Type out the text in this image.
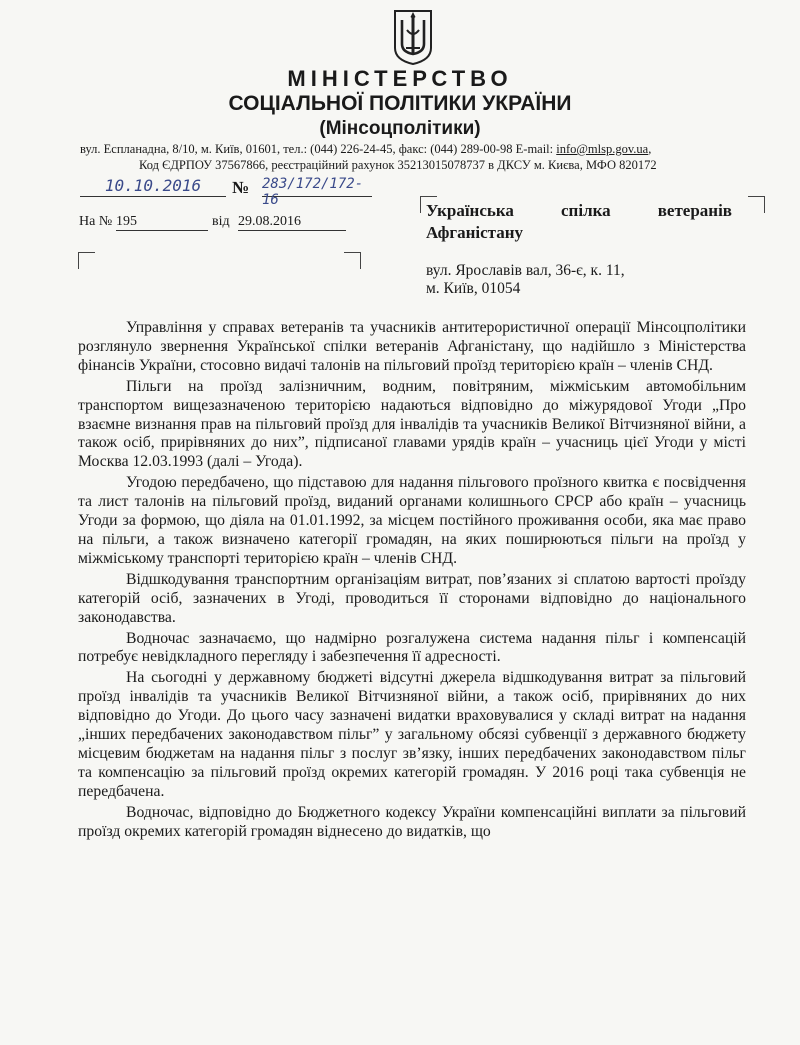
МІНІСТЕРСТВО
СОЦІАЛЬНОЇ ПОЛІТИКИ УКРАЇНИ
(Мінсоцполітики)
вул. Еспланадна, 8/10, м. Київ, 01601, тел.: (044) 226-24-45, факс: (044) 289-00-98 E-mail: info@mlsp.gov.ua,
Код ЄДРПОУ 37567866, реєстраційний рахунок 35213015078737 в ДКСУ м. Києва, МФО 820172
10.10.2016	№ 283/172/172-16
На № 195	від 29.08.2016
Українська спілка ветеранів Афганістану
вул. Ярославів вал, 36-є, к. 11,
м. Київ, 01054

Управління у справах ветеранів та учасників антитерористичної операції Мінсоцполітики розглянуло звернення Української спілки ветеранів Афганістану, що надійшло з Міністерства фінансів України, стосовно видачі талонів на пільговий проїзд територією країн – членів СНД.

Пільги на проїзд залізничним, водним, повітряним, міжміським автомобільним транспортом вищезазначеною територією надаються відповідно до міжурядової Угоди „Про взаємне визнання прав на пільговий проїзд для інвалідів та учасників Великої Вітчизняної війни, а також осіб, прирівняних до них”, підписаної главами урядів країн – учасниць цієї Угоди у місті Москва 12.03.1993 (далі – Угода).

Угодою передбачено, що підставою для надання пільгового проїзного квитка є посвідчення та лист талонів на пільговий проїзд, виданий органами колишнього СРСР або країн – учасниць Угоди за формою, що діяла на 01.01.1992, за місцем постійного проживання особи, яка має право на пільги, а також визначено категорії громадян, на яких поширюються пільги на проїзд у міжміському транспорті територією країн – членів СНД.

Відшкодування транспортним організаціям витрат, пов’язаних зі сплатою вартості проїзду категорій осіб, зазначених в Угоді, проводиться її сторонами відповідно до національного законодавства.

Водночас зазначаємо, що надмірно розгалужена система надання пільг і компенсацій потребує невідкладного перегляду і забезпечення її адресності.

На сьогодні у державному бюджеті відсутні джерела відшкодування витрат за пільговий проїзд інвалідів та учасників Великої Вітчизняної війни, а також осіб, прирівняних до них відповідно до Угоди. До цього часу зазначені видатки враховувалися у складі витрат на надання „інших передбачених законодавством пільг” у загальному обсязі субвенції з державного бюджету місцевим бюджетам на надання пільг з послуг зв’язку, інших передбачених законодавством пільг та компенсацію за пільговий проїзд окремих категорій громадян. У 2016 році така субвенція не передбачена.

Водночас, відповідно до Бюджетного кодексу України компенсаційні виплати за пільговий проїзд окремих категорій громадян віднесено до видатків, що
